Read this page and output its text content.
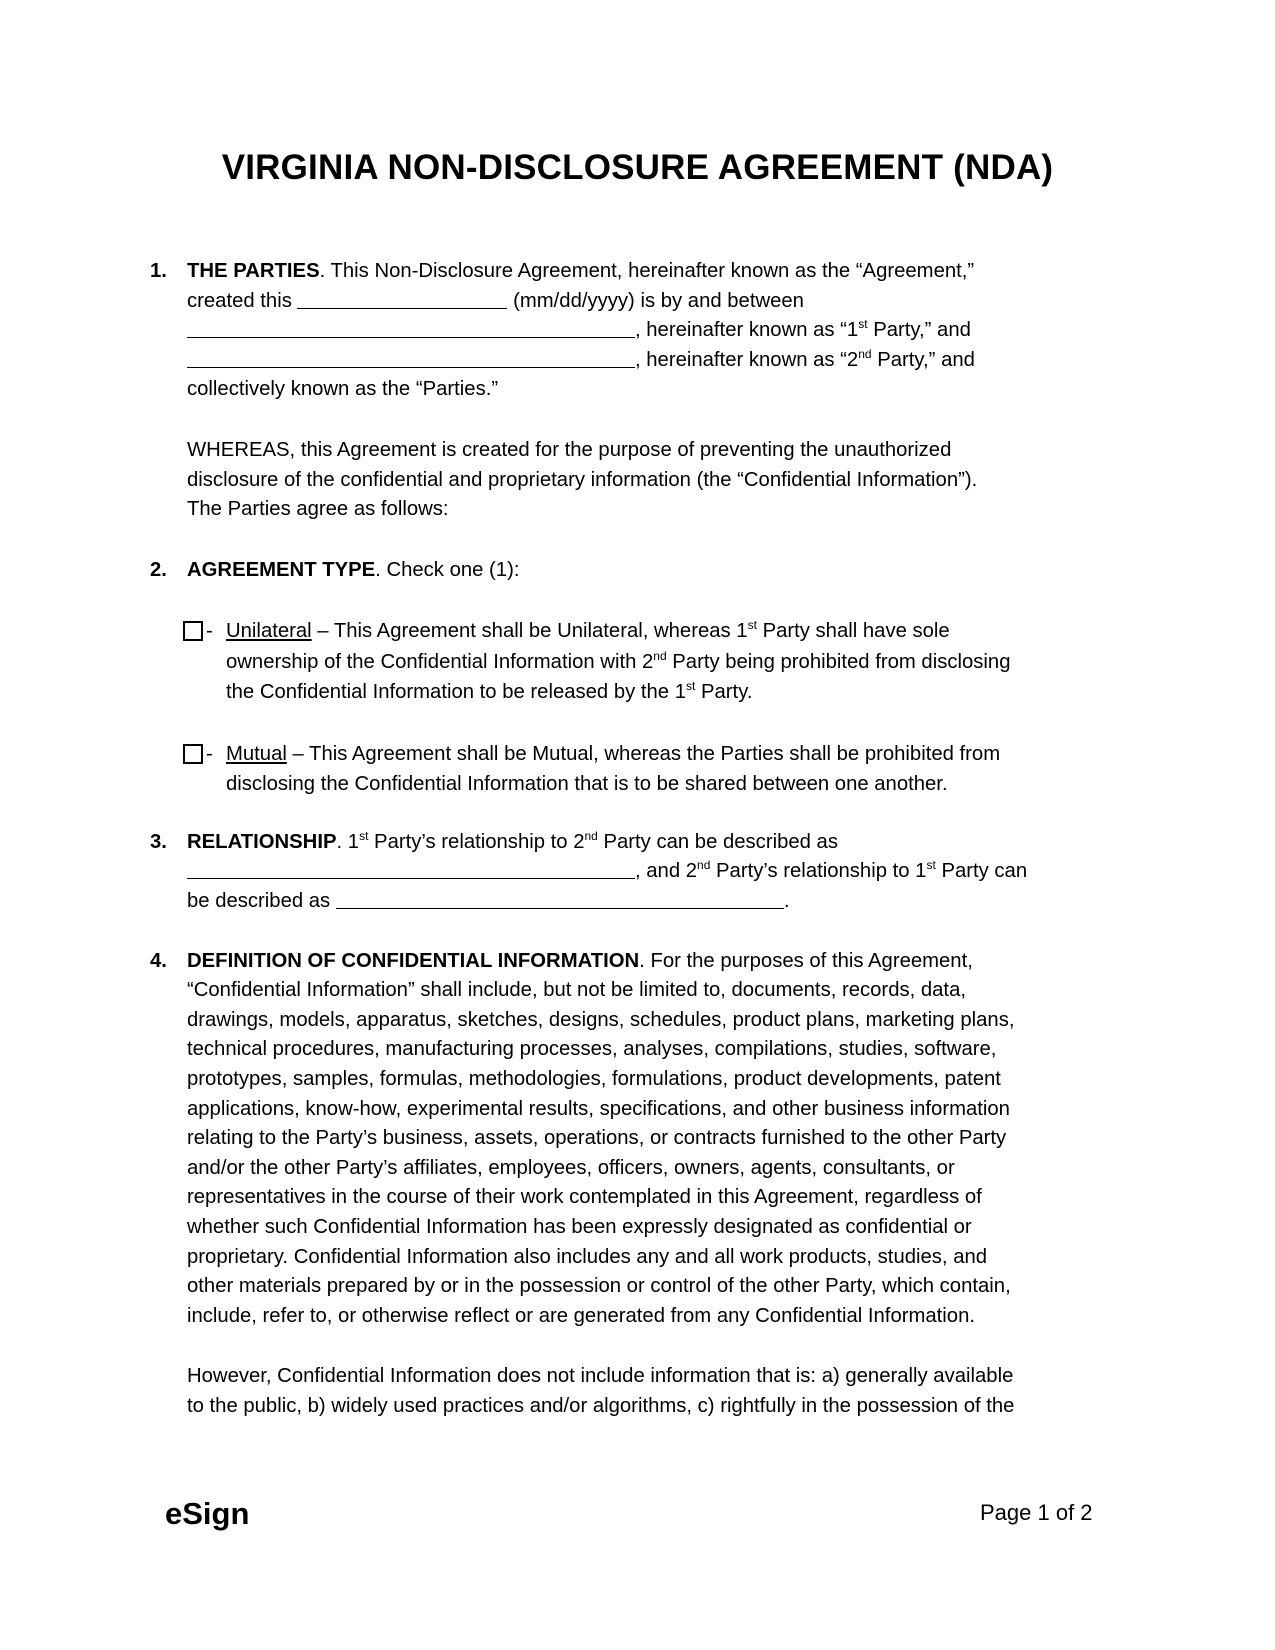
VIRGINIA NON-DISCLOSURE AGREEMENT (NDA)
1. THE PARTIES. This Non-Disclosure Agreement, hereinafter known as the “Agreement,”
created this	(mm/dd/yyyy) is by and between
, hereinafter known as “1st Party,” and
, hereinafter known as “2nd Party,” and
collectively known as the “Parties.”
WHEREAS, this Agreement is created for the purpose of preventing the unauthorized
disclosure of the confidential and proprietary information (the “Confidential Information”).
The Parties agree as follows:
2. AGREEMENT TYPE. Check one (1):
- Unilateral – This Agreement shall be Unilateral, whereas 1st Party shall have sole
ownership of the Confidential Information with 2nd Party being prohibited from disclosing
the Confidential Information to be released by the 1st Party.
- Mutual – This Agreement shall be Mutual, whereas the Parties shall be prohibited from
disclosing the Confidential Information that is to be shared between one another.
3. RELATIONSHIP. 1st Party’s relationship to 2nd Party can be described as
, and 2nd Party’s relationship to 1st Party can
be described as	.
4. DEFINITION OF CONFIDENTIAL INFORMATION. For the purposes of this Agreement,
“Confidential Information” shall include, but not be limited to, documents, records, data,
drawings, models, apparatus, sketches, designs, schedules, product plans, marketing plans,
technical procedures, manufacturing processes, analyses, compilations, studies, software,
prototypes, samples, formulas, methodologies, formulations, product developments, patent
applications, know-how, experimental results, specifications, and other business information
relating to the Party’s business, assets, operations, or contracts furnished to the other Party
and/or the other Party’s affiliates, employees, officers, owners, agents, consultants, or
representatives in the course of their work contemplated in this Agreement, regardless of
whether such Confidential Information has been expressly designated as confidential or
proprietary. Confidential Information also includes any and all work products, studies, and
other materials prepared by or in the possession or control of the other Party, which contain,
include, refer to, or otherwise reflect or are generated from any Confidential Information.
However, Confidential Information does not include information that is: a) generally available
to the public, b) widely used practices and/or algorithms, c) rightfully in the possession of the
eSign	Page 1 of 2
